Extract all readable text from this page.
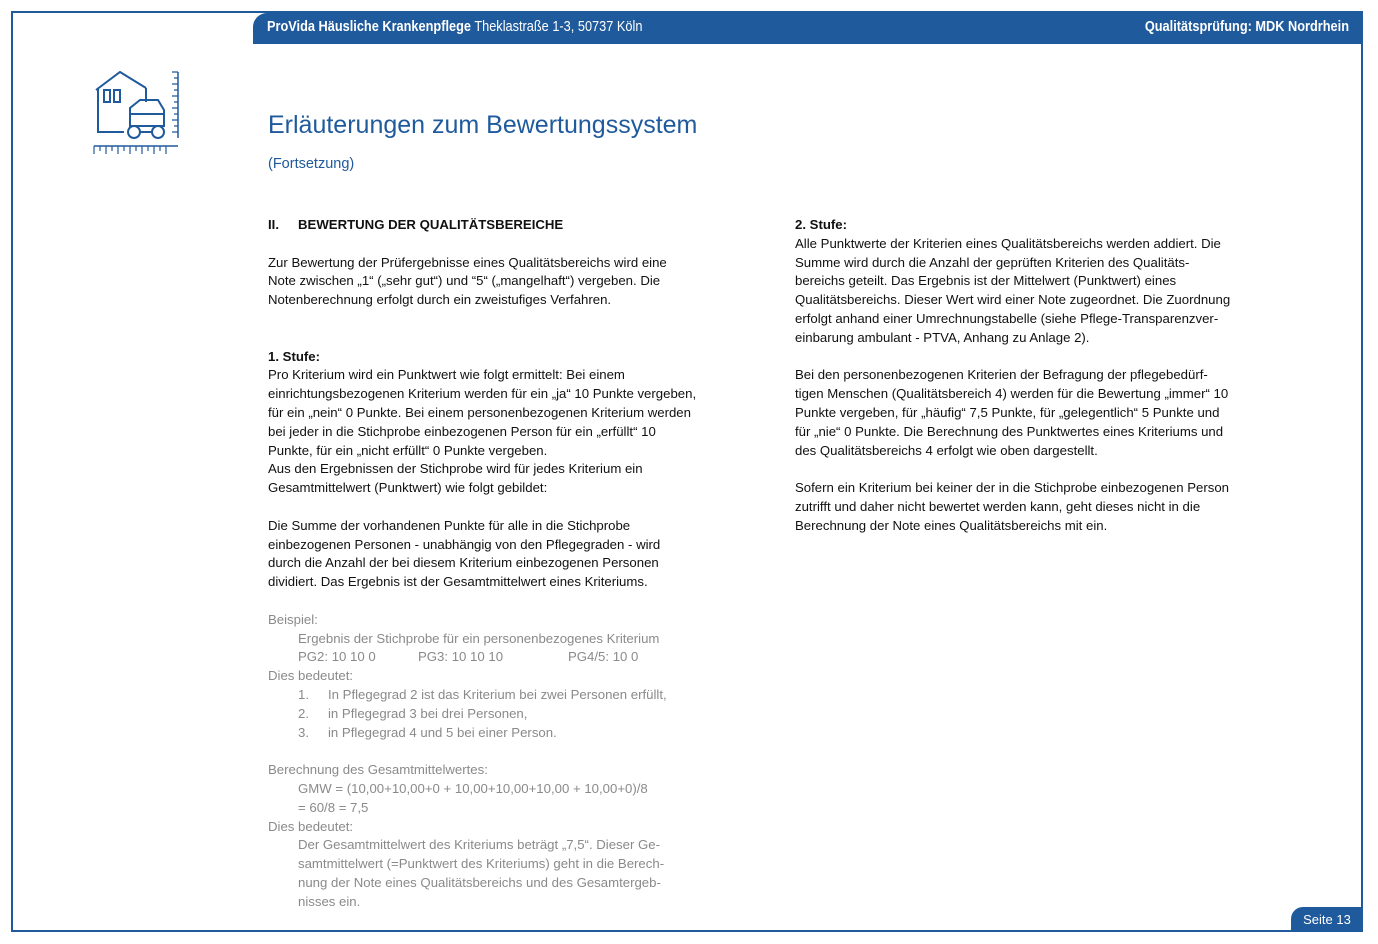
ProVida Häusliche Krankenpflege Theklastraße 1-3, 50737 Köln	Qualitätsprüfung: MDK Nordrhein
Erläuterungen zum Bewertungssystem
(Fortsetzung)
II.	BEWERTUNG DER QUALITÄTSBEREICHE

Zur Bewertung der Prüfergebnisse eines Qualitätsbereichs wird eine

Note zwischen „1“ („sehr gut“) und “5“ („mangelhaft“) vergeben. Die

Notenberechnung erfolgt durch ein zweistufiges Verfahren.

1. Stufe:

Pro Kriterium wird ein Punktwert wie folgt ermittelt: Bei einem

einrichtungsbezogenen Kriterium werden für ein „ja“ 10 Punkte vergeben,

für ein „nein“ 0 Punkte. Bei einem personenbezogenen Kriterium werden

bei jeder in die Stichprobe einbezogenen Person für ein „erfüllt“ 10

Punkte, für ein „nicht erfüllt“ 0 Punkte vergeben.

Aus den Ergebnissen der Stichprobe wird für jedes Kriterium ein

Gesamtmittelwert (Punktwert) wie folgt gebildet:

Die Summe der vorhandenen Punkte für alle in die Stichprobe

einbezogenen Personen - unabhängig von den Pflegegraden - wird

durch die Anzahl der bei diesem Kriterium einbezogenen Personen

dividiert. Das Ergebnis ist der Gesamtmittelwert eines Kriteriums.

Beispiel:

Ergebnis der Stichprobe für ein personenbezogenes Kriterium

PG2: 10 10 0	PG3: 10 10 10	PG4/5: 10 0

Dies bedeutet:

1.	In Pflegegrad 2 ist das Kriterium bei zwei Personen erfüllt,
2.	in Pflegegrad 3 bei drei Personen,
3.	in Pflegegrad 4 und 5 bei einer Person.

Berechnung des Gesamtmittelwertes:

GMW = (10,00+10,00+0 + 10,00+10,00+10,00 + 10,00+0)/8

= 60/8 = 7,5

Dies bedeutet:

Der Gesamtmittelwert des Kriteriums beträgt „7,5“. Dieser Ge-

samtmittelwert (=Punktwert des Kriteriums) geht in die Berech-

nung der Note eines Qualitätsbereichs und des Gesamtergeb-

nisses ein.

2. Stufe:

Alle Punktwerte der Kriterien eines Qualitätsbereichs werden addiert. Die

Summe wird durch die Anzahl der geprüften Kriterien des Qualitäts-

bereichs geteilt. Das Ergebnis ist der Mittelwert (Punktwert) eines

Qualitätsbereichs. Dieser Wert wird einer Note zugeordnet. Die Zuordnung

erfolgt anhand einer Umrechnungstabelle (siehe Pflege-Transparenzver-

einbarung ambulant - PTVA, Anhang zu Anlage 2).

Bei den personenbezogenen Kriterien der Befragung der pflegebedürf-

tigen Menschen (Qualitätsbereich 4) werden für die Bewertung „immer“ 10

Punkte vergeben, für „häufig“ 7,5 Punkte, für „gelegentlich“ 5 Punkte und

für „nie“ 0 Punkte. Die Berechnung des Punktwertes eines Kriteriums und

des Qualitätsbereichs 4 erfolgt wie oben dargestellt.

Sofern ein Kriterium bei keiner der in die Stichprobe einbezogenen Person

zutrifft und daher nicht bewertet werden kann, geht dieses nicht in die

Berechnung der Note eines Qualitätsbereichs mit ein.

Seite 13
